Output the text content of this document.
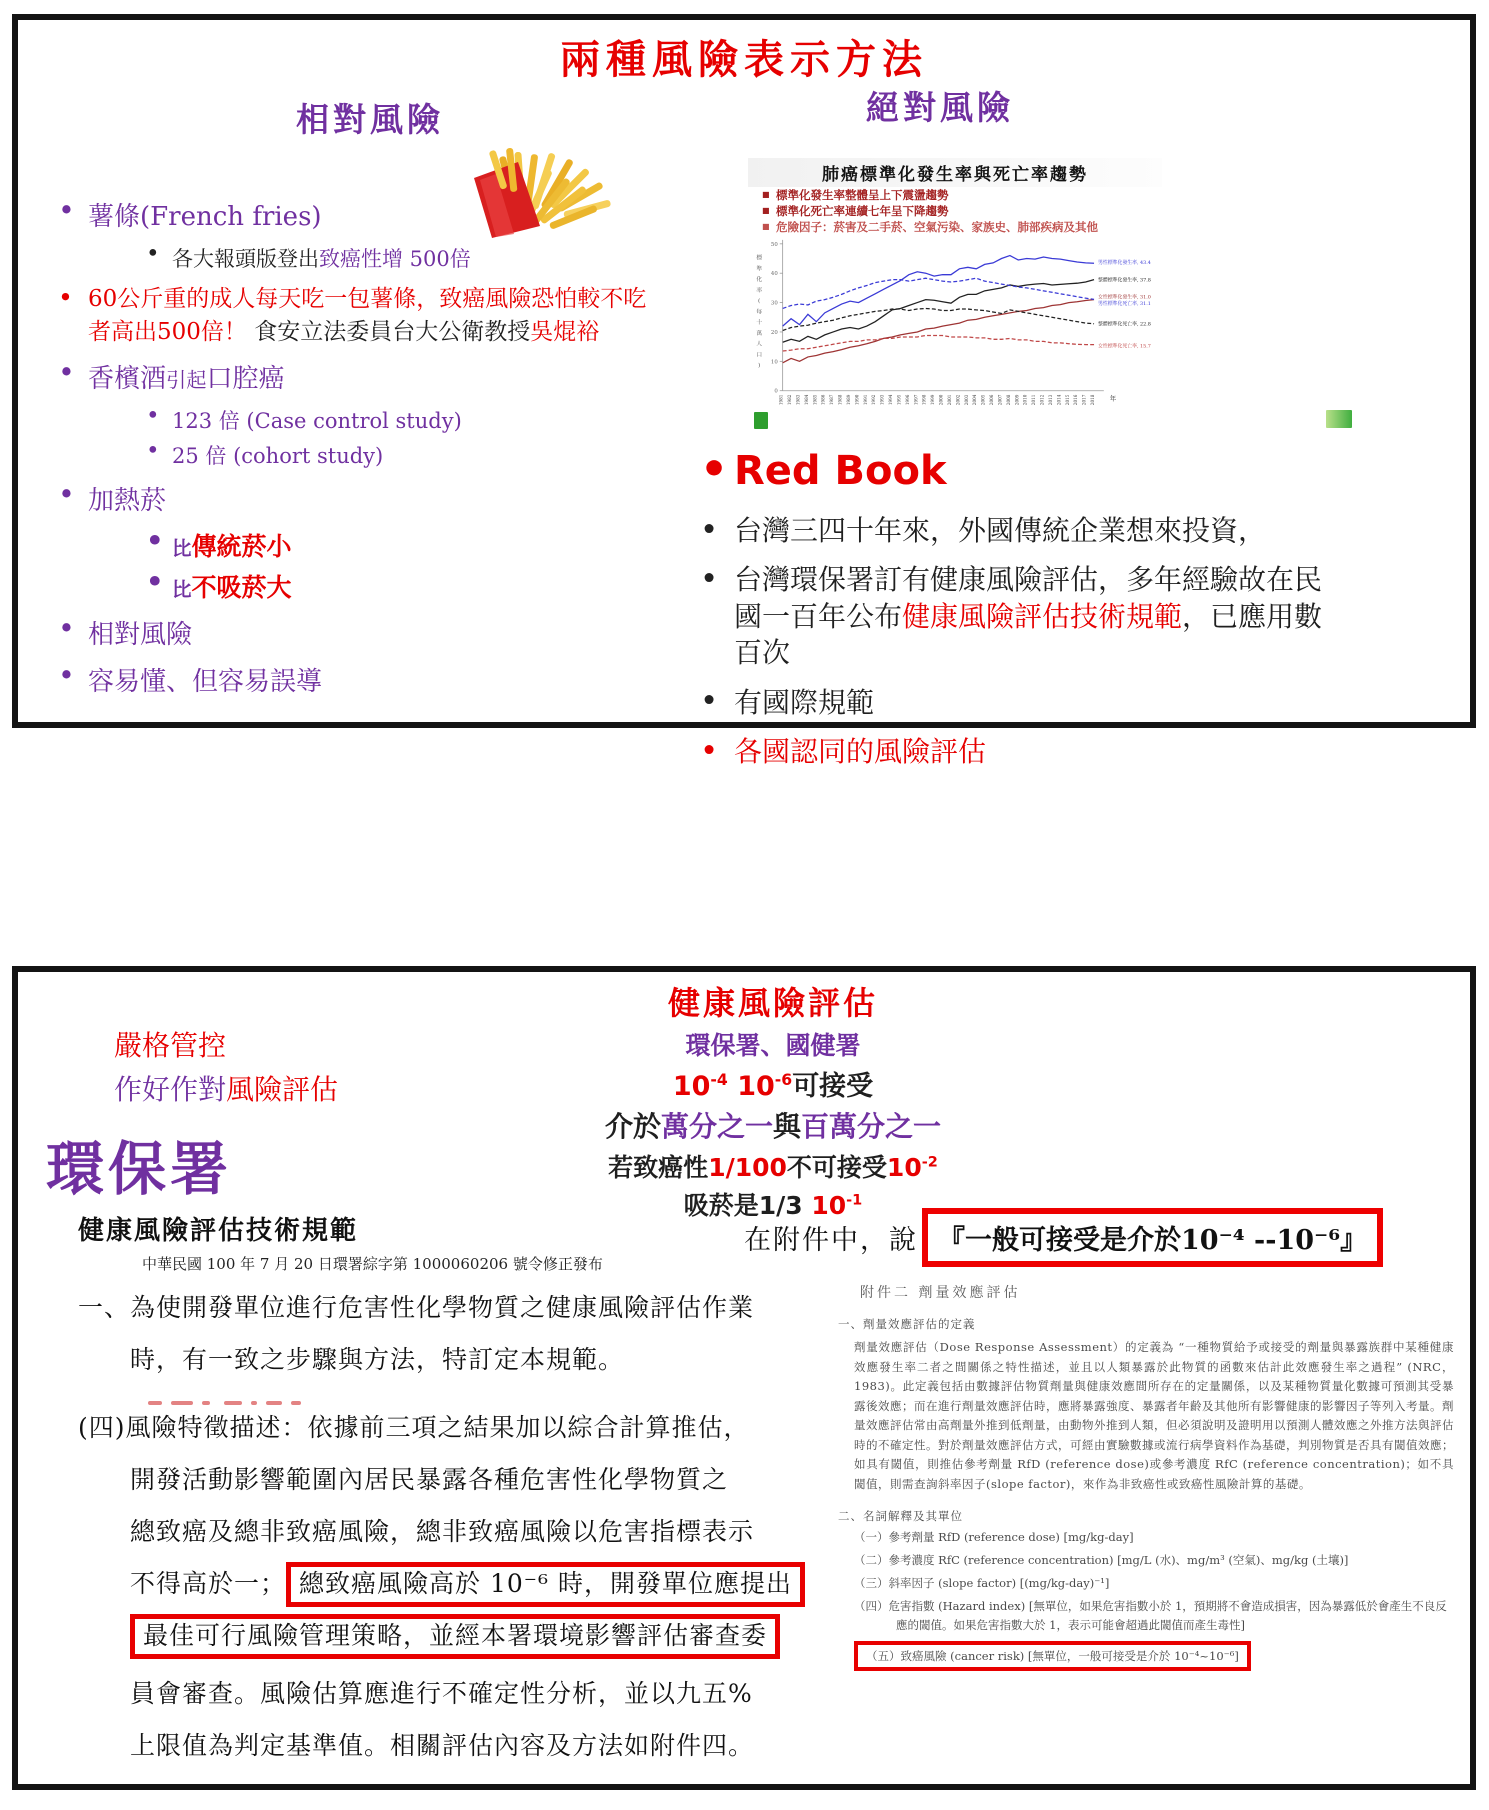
兩種風險表示方法
相對風險	絕對風險
• 薯條(French fries)
• 各大報頭版登出致癌性增 500倍
• 60公斤重的成人每天吃一包薯條，致癌風險恐怕較不吃者高出500倍！ 食安立法委員台大公衛教授吳焜裕
• 香檳酒引起口腔癌
• 123 倍 (Case control study)
• 25 倍 (cohort study)
• 加熱菸
• 比傳統菸小
• 比不吸菸大
• 相對風險
• 容易懂、但容易誤導
肺癌標準化發生率與死亡率趨勢
■ 標準化發生率整體呈上下震盪趨勢
■ 標準化死亡率連續七年呈下降趨勢
■ 危險因子：菸害及二手菸、空氣污染、家族史、肺部疾病及其他
0
10
20
30
40
50
標
準
化
率
(
每
十
萬
人
口
)
1981 1982 1983 1984 1985 1986 1987 1988 1989 1990 1991 1992 1993 1994 1995 1996 1997 1998 1999 2000 2001 2002 2003 2004 2005 2006 2007 2008 2009 2010 2011 2012 2013 2014 2015 2016 2017 2018 年
男性標準化發生率, 43.4
整體標準化發生率, 37.8
女性標準化發生率, 31.0
男性標準化死亡率, 31.1
整體標準化死亡率, 22.8
女性標準化死亡率, 15.7
• Red Book
• 台灣三四十年來，外國傳統企業想來投資，
• 台灣環保署訂有健康風險評估，多年經驗故在民國一百年公布健康風險評估技術規範，已應用數百次
• 有國際規範
• 各國認同的風險評估
嚴格管控
作好作對風險評估
健康風險評估
環保署、國健署
$10^{-4}$ $10^{-6}$可接受
介於萬分之一與百萬分之一
若致癌性1/100不可接受$10^{-2}$
吸菸是1/3 $10^{-1}$
環保署
健康風險評估技術規範
中華民國 100 年 7 月 20 日環署綜字第 1000060206 號令修正發布
一、為使開發單位進行危害性化學物質之健康風險評估作業
時，有一致之步驟與方法，特訂定本規範。

(四)風險特徵描述：依據前三項之結果加以綜合計算推估，
開發活動影響範圍內居民暴露各種危害性化學物質之
總致癌及總非致癌風險，總非致癌風險以危害指標表示
不得高於一； 總致癌風險高於 10⁻⁶ 時，開發單位應提出
最佳可行風險管理策略，並經本署環境影響評估審查委
員會審查。風險估算應進行不確定性分析，並以九五%
上限值為判定基準值。相關評估內容及方法如附件四。
在附件中，說 『一般可接受是介於10⁻⁴ --10⁻⁶』
附件二 劑量效應評估
一、劑量效應評估的定義
劑量效應評估（Dose Response Assessment）的定義為 “一種物質給予或接受的劑量與暴露族群中某種健康效應發生率二者之間關係之特性描述，並且以人類暴露於此物質的函數來估計此效應發生率之過程” (NRC，1983)。此定義包括由數據評估物質劑量與健康效應間所存在的定量關係，以及某種物質量化數據可預測其受暴露後效應；而在進行劑量效應評估時，應將暴露強度、暴露者年齡及其他所有影響健康的影響因子等列入考量。劑量效應評估常由高劑量外推到低劑量，由動物外推到人類，但必須說明及證明用以預測人體效應之外推方法與評估時的不確定性。對於劑量效應評估方式，可經由實驗數據或流行病學資料作為基礎，判別物質是否具有閾值效應；如具有閾值，則推估參考劑量 RfD (reference dose)或參考濃度 RfC (reference concentration)；如不具閾值，則需查詢斜率因子(slope factor)，來作為非致癌性或致癌性風險計算的基礎。
二、名詞解釋及其單位
（一）參考劑量 RfD (reference dose) [mg/kg-day]
（二）參考濃度 RfC (reference concentration) [mg/L (水)、mg/m³ (空氣)、mg/kg (土壤)]
（三）斜率因子 (slope factor) [(mg/kg-day)⁻¹]
（四）危害指數 (Hazard index) [無單位，如果危害指數小於 1，預期將不會造成損害，因為暴露低於會產生不良反應的閾值。如果危害指數大於 1，表示可能會超過此閾值而產生毒性]
（五）致癌風險 (cancer risk) [無單位，一般可接受是介於 10⁻⁴~10⁻⁶]
